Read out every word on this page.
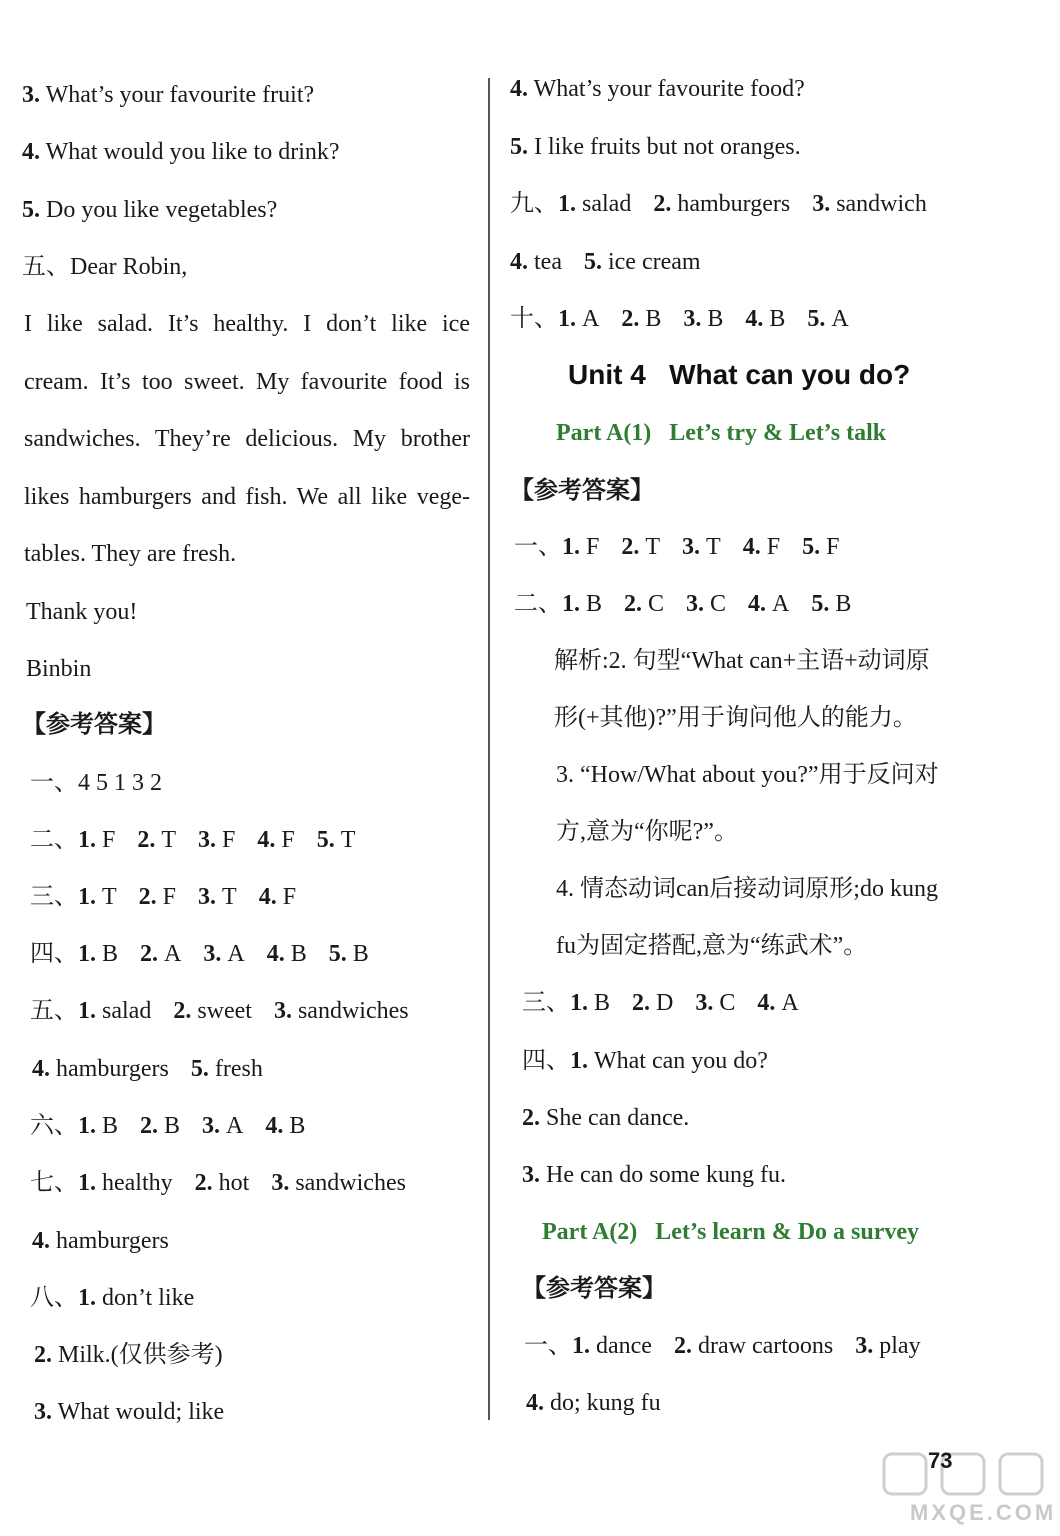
3. What’s your favourite fruit?
4. What would you like to drink?
5. Do you like vegetables?
五、Dear Robin,
I like salad. It’s healthy. I don’t like ice
cream. It’s too sweet. My favourite food is
sandwiches. They’re delicious. My brother
likes hamburgers and fish. We all like vege-
tables. They are fresh.
Thank you!
Binbin
【参考答案】
一、4 5 1 3 2
二、1. F 2. T 3. F 4. F 5. T
三、1. T 2. F 3. T 4. F
四、1. B 2. A 3. A 4. B 5. B
五、1. salad 2. sweet 3. sandwiches
4. hamburgers 5. fresh
六、1. B 2. B 3. A 4. B
七、1. healthy 2. hot 3. sandwiches
4. hamburgers
八、1. don’t like
2. Milk.(仅供参考)
3. What would; like
4. What’s your favourite food?
5. I like fruits but not oranges.
九、1. salad 2. hamburgers 3. sandwich
4. tea 5. ice cream
十、1. A 2. B 3. B 4. B 5. A
Unit 4   What can you do?
Part A(1)   Let’s try & Let’s talk
【参考答案】
一、1. F 2. T 3. T 4. F 5. F
二、1. B 2. C 3. C 4. A 5. B
解析:2. 句型“What can+主语+动词原
形(+其他)?”用于询问他人的能力。
3. “How/What about you?”用于反问对
方,意为“你呢?”。
4. 情态动词can后接动词原形;do kung
fu为固定搭配,意为“练武术”。
三、1. B 2. D 3. C 4. A
四、1. What can you do?
2. She can dance.
3. He can do some kung fu.
Part A(2)   Let’s learn & Do a survey
【参考答案】
一、1. dance 2. draw cartoons 3. play
4. do; kung fu
MXQE.COM
73
